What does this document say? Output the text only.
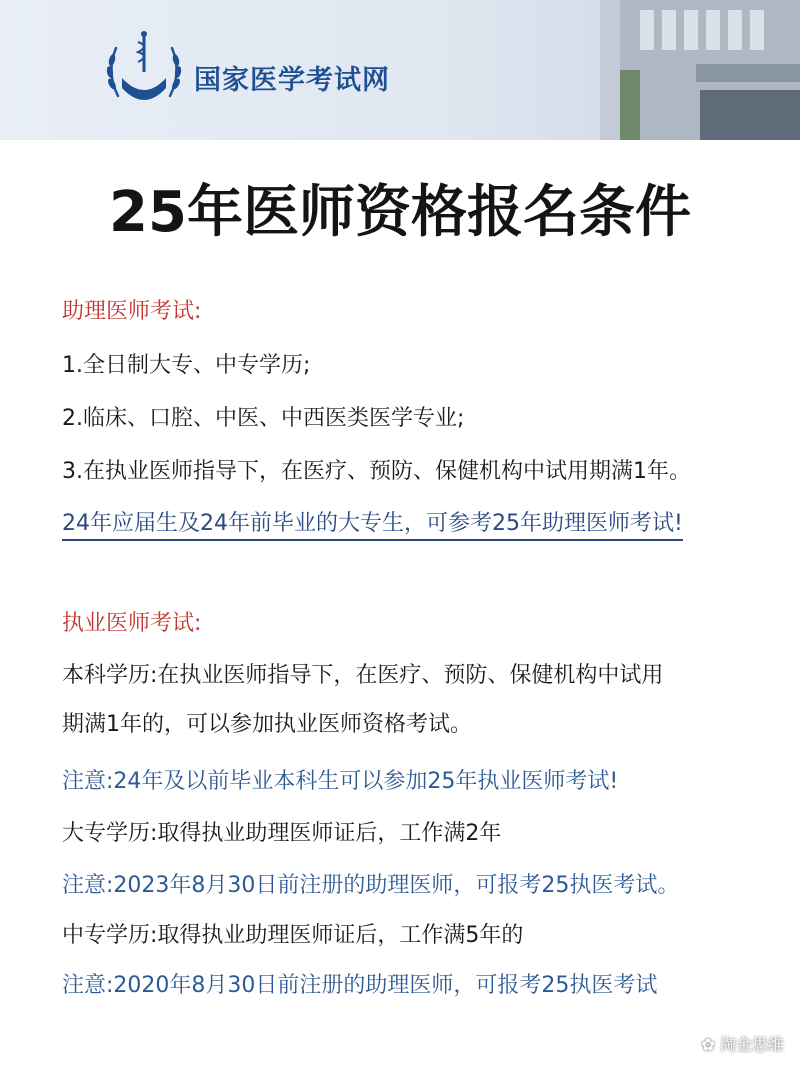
国家医学考试网
25年医师资格报名条件
助理医师考试:
1.全日制大专、中专学历;
2.临床、口腔、中医、中西医类医学专业;
3.在执业医师指导下，在医疗、预防、保健机构中试用期满1年。
24年应届生及24年前毕业的大专生，可参考25年助理医师考试!
执业医师考试:
本科学历:在执业医师指导下，在医疗、预防、保健机构中试用
期满1年的，可以参加执业医师资格考试。
注意:24年及以前毕业本科生可以参加25年执业医师考试!
大专学历:取得执业助理医师证后，工作满2年
注意:2023年8月30日前注册的助理医师，可报考25执医考试。
中专学历:取得执业助理医师证后，工作满5年的
注意:2020年8月30日前注册的助理医师，可报考25执医考试
✿ 淘金思维
